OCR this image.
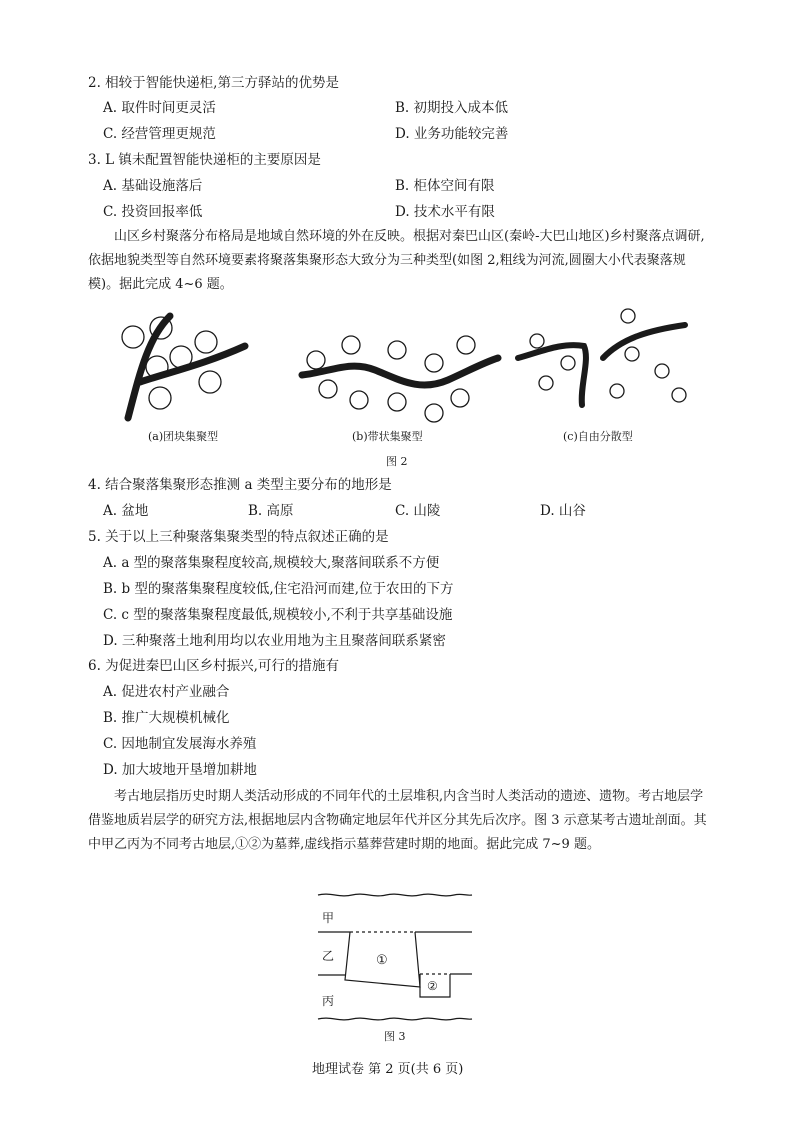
2. 相较于智能快递柜,第三方驿站的优势是
A. 取件时间更灵活	B. 初期投入成本低
C. 经营管理更规范	D. 业务功能较完善
3. L 镇未配置智能快递柜的主要原因是
A. 基础设施落后	B. 柜体空间有限
C. 投资回报率低	D. 技术水平有限
山区乡村聚落分布格局是地域自然环境的外在反映。根据对秦巴山区(秦岭-大巴山地区)乡村聚落点调研,依据地貌类型等自然环境要素将聚落集聚形态大致分为三种类型(如图 2,粗线为河流,圆圈大小代表聚落规模)。据此完成 4~6 题。
(a)团块集聚型	(b)带状集聚型	(c)自由分散型
图 2
4. 结合聚落集聚形态推测 a 类型主要分布的地形是
A. 盆地	B. 高原	C. 山陵	D. 山谷
5. 关于以上三种聚落集聚类型的特点叙述正确的是
A. a 型的聚落集聚程度较高,规模较大,聚落间联系不方便
B. b 型的聚落集聚程度较低,住宅沿河而建,位于农田的下方
C. c 型的聚落集聚程度最低,规模较小,不利于共享基础设施
D. 三种聚落土地利用均以农业用地为主且聚落间联系紧密
6. 为促进秦巴山区乡村振兴,可行的措施有
A. 促进农村产业融合
B. 推广大规模机械化
C. 因地制宜发展海水养殖
D. 加大坡地开垦增加耕地
考古地层指历史时期人类活动形成的不同年代的土层堆积,内含当时人类活动的遗迹、遗物。考古地层学借鉴地质岩层学的研究方法,根据地层内含物确定地层年代并区分其先后次序。图 3 示意某考古遗址剖面。其中甲乙丙为不同考古地层,①②为墓葬,虚线指示墓葬营建时期的地面。据此完成 7~9 题。
甲
乙
丙
①
②
图 3
地理试卷 第 2 页(共 6 页)
